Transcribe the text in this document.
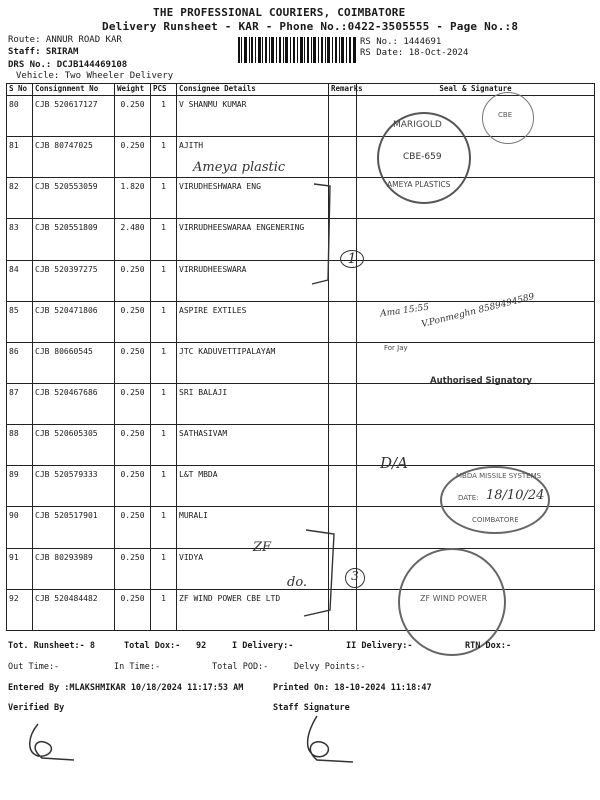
THE PROFESSIONAL COURIERS, COIMBATORE
Delivery Runsheet - KAR - Phone No.:0422-3505555 - Page No.:8
Route: ANNUR ROAD KAR
Staff: SRIRAM
DRS No.: DCJB144469108
Vehicle: Two Wheeler Delivery
RS No.: 1444691
RS Date: 18-Oct-2024
S No	Consignment No	Weight	PCS	Consignee Details	Remarks	Seal & Signature
80	CJB 520617127	0.250	1	V SHANMU KUMAR		
81	CJB 80747025	0.250	1	AJITH		
82	CJB 520553059	1.820	1	VIRUDHESHWARA ENG		
83	CJB 520551809	2.480	1	VIRRUDHEESWARAA ENGENERING		
84	CJB 520397275	0.250	1	VIRRUDHEESWARA		
85	CJB 520471806	0.250	1	ASPIRE EXTILES		
86	CJB 80660545	0.250	1	JTC KADUVETTIPALAYAM		
87	CJB 520467686	0.250	1	SRI BALAJI		
88	CJB 520605305	0.250	1	SATHASIVAM		
89	CJB 520579333	0.250	1	L&T MBDA		
90	CJB 520517901	0.250	1	MURALI		
91	CJB 80293989	0.250	1	VIDYA		
92	CJB 520484482	0.250	1	ZF WIND POWER CBE LTD		
MARIGOLD
CBE-659
AMEYA PLASTICS
CBE
Ameya plastic
1
Ama 15:55
V.Ponmeghn 8589494589
For Jay
Authorised Signatory
D/A
MBDA MISSILE SYSTEMS
DATE: 18/10/24
COIMBATORE
ZF
do.	3
ZF WIND POWER
Tot. Runsheet:- 8	Total Dox:- 92	I Delivery:-	II Delivery:-	RTN Dox:-
Out Time:-	In Time:-	Total POD:-	Delvy Points:-
Entered By :MLAKSHMIKAR 10/18/2024 11:17:53 AM	Printed On: 18-10-2024 11:18:47
Verified By	Staff Signature
